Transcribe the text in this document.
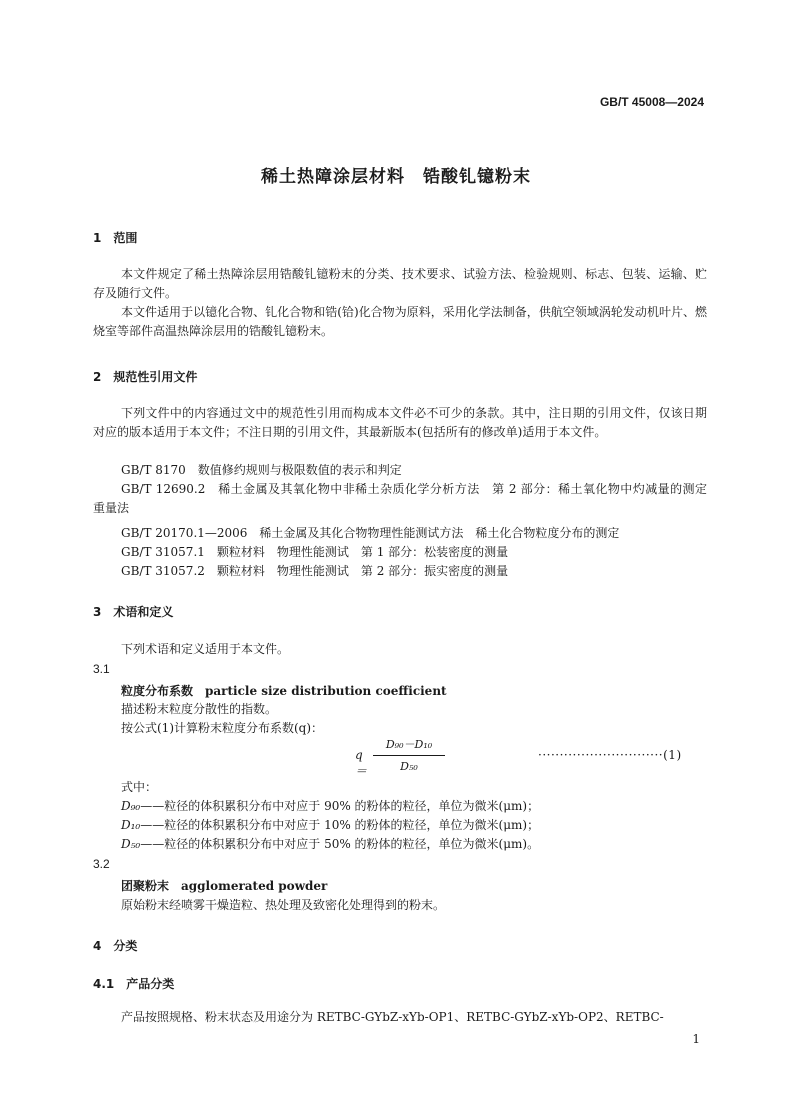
GB/T 45008—2024
稀土热障涂层材料　锆酸钆镱粉末
1　范围
本文件规定了稀土热障涂层用锆酸钆镱粉末的分类、技术要求、试验方法、检验规则、标志、包装、运输、贮存及随行文件。
本文件适用于以镱化合物、钆化合物和锆(铪)化合物为原料，采用化学法制备，供航空领域涡轮发动机叶片、燃烧室等部件高温热障涂层用的锆酸钆镱粉末。
2　规范性引用文件
下列文件中的内容通过文中的规范性引用而构成本文件必不可少的条款。其中，注日期的引用文件，仅该日期对应的版本适用于本文件；不注日期的引用文件，其最新版本(包括所有的修改单)适用于本文件。
GB/T 8170　数值修约规则与极限数值的表示和判定
GB/T 12690.2　稀土金属及其氧化物中非稀土杂质化学分析方法　第 2 部分：稀土氧化物中灼减量的测定　重量法
GB/T 20170.1—2006　稀土金属及其化合物物理性能测试方法　稀土化合物粒度分布的测定
GB/T 31057.1　颗粒材料　物理性能测试　第 1 部分：松装密度的测量
GB/T 31057.2　颗粒材料　物理性能测试　第 2 部分：振实密度的测量
3　术语和定义
下列术语和定义适用于本文件。
3.1
粒度分布系数　particle size distribution coefficient
描述粉末粒度分散性的指数。
按公式(1)计算粉末粒度分布系数(q)：
q＝
D₉₀－D₁₀
D₅₀
·····························(1)
式中：
D₉₀——粒径的体积累积分布中对应于 90% 的粉体的粒径，单位为微米(μm)；
D₁₀——粒径的体积累积分布中对应于 10% 的粉体的粒径，单位为微米(μm)；
D₅₀——粒径的体积累积分布中对应于 50% 的粉体的粒径，单位为微米(μm)。
3.2
团聚粉末　agglomerated powder
原始粉末经喷雾干燥造粒、热处理及致密化处理得到的粉末。
4　分类
4.1　产品分类
产品按照规格、粉末状态及用途分为 RETBC-GYbZ-xYb-OP1、RETBC-GYbZ-xYb-OP2、RETBC-
1
